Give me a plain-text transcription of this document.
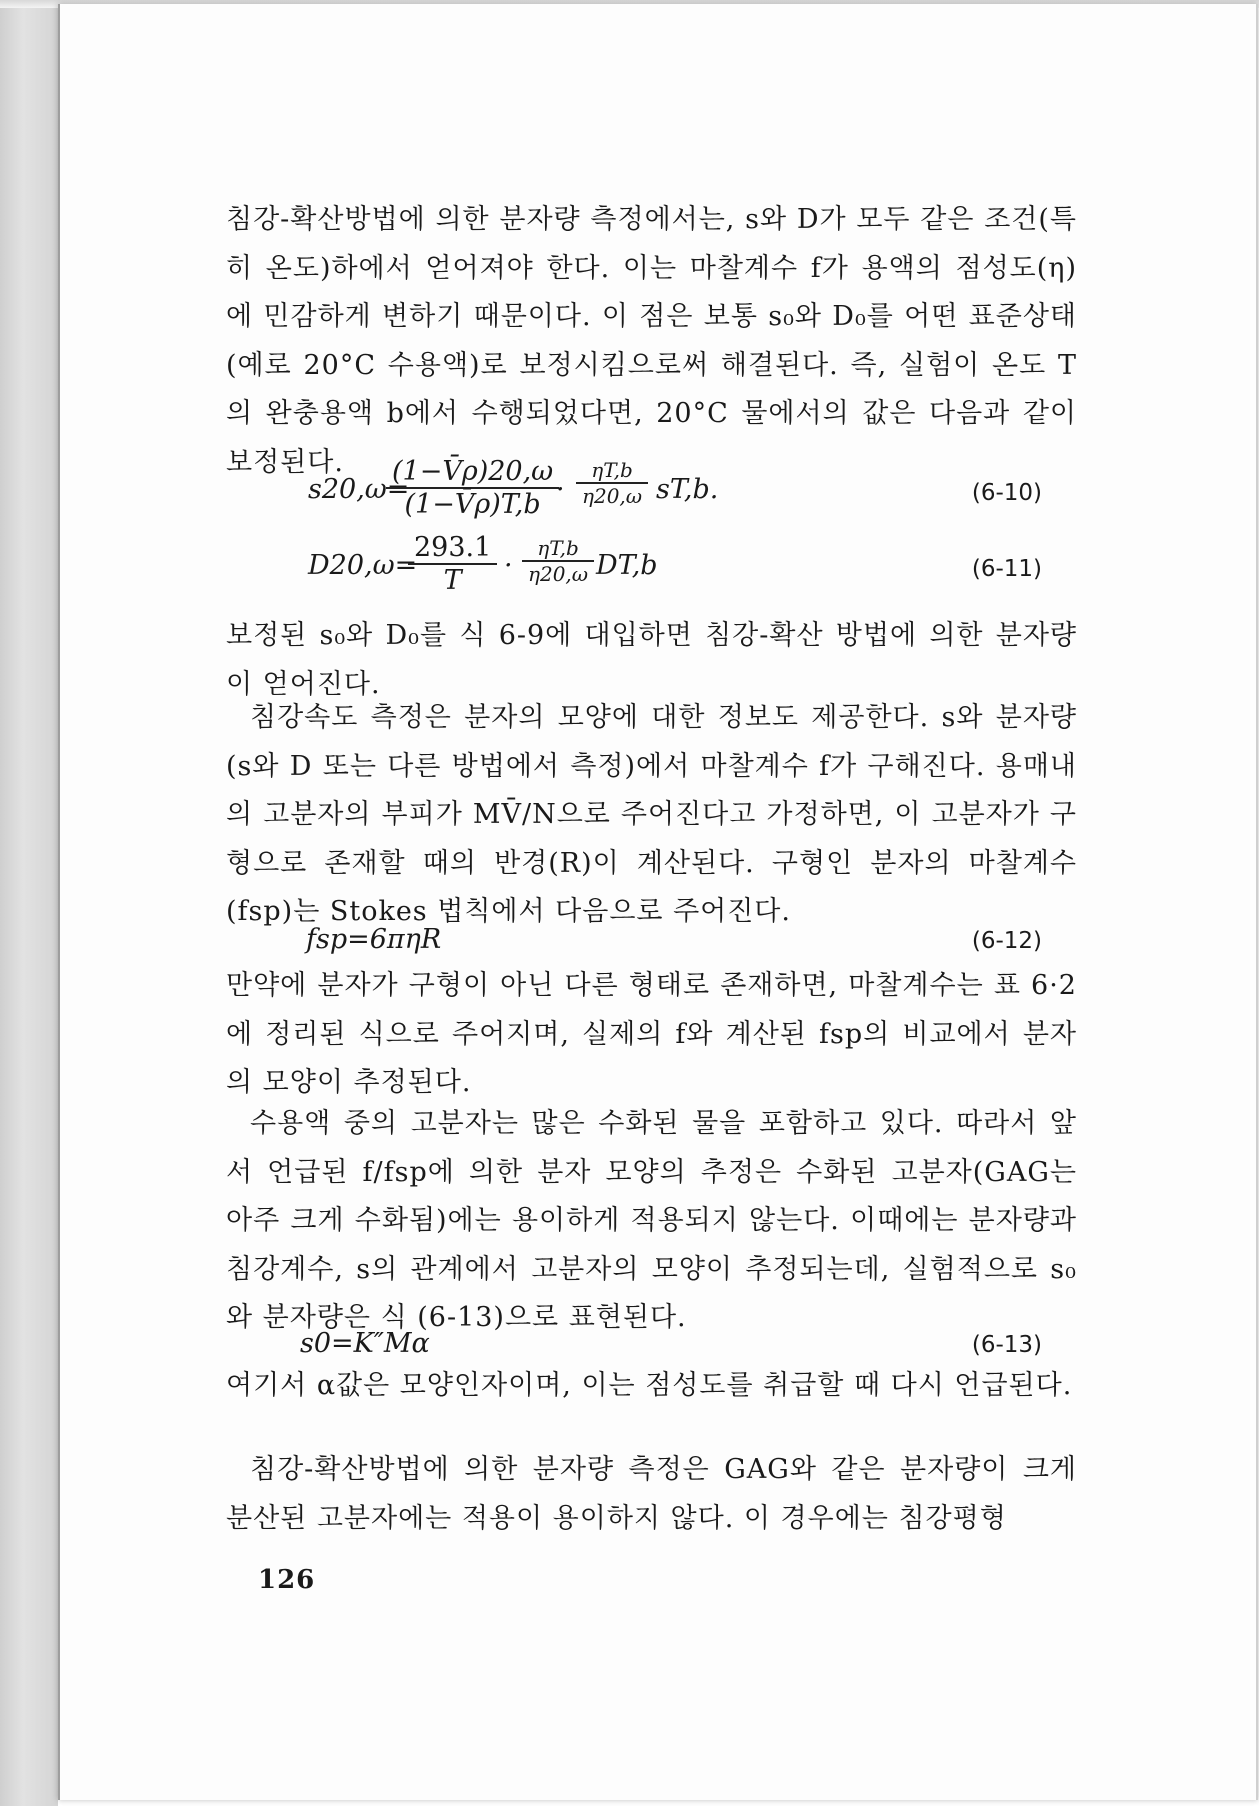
침강-확산방법에 의한 분자량 측정에서는, s와 D가 모두 같은 조건(특히 온도)하에서 얻어져야 한다. 이는 마찰계수 f가 용액의 점성도(η)에 민감하게 변하기 때문이다. 이 점은 보통 s₀와 D₀를 어떤 표준상태(예로 20°C 수용액)로 보정시킴으로써 해결된다. 즉, 실험이 온도 T의 완충용액 b에서 수행되었다면, 20°C 물에서의 값은 다음과 같이 보정된다.
s20,ω=
$\frac{(1-V̄\rho)20,\omega}{(1-V̄\rho)T,b}$
· $\frac{\eta T,b}{\eta 20,\omega} sT,b$.	(6-10)
D20,ω=
$\frac{293.1}{T} \cdot \frac{\eta T,b}{\eta 20,\omega} DT,b$	(6-11)
보정된 s₀와 D₀를 식 6-9에 대입하면 침강-확산 방법에 의한 분자량이 얻어진다.
침강속도 측정은 분자의 모양에 대한 정보도 제공한다. s와 분자량(s와 D 또는 다른 방법에서 측정)에서 마찰계수 f가 구해진다. 용매내의 고분자의 부피가 MV̄/N으로 주어진다고 가정하면, 이 고분자가 구형으로 존재할 때의 반경(R)이 계산된다. 구형인 분자의 마찰계수(fsp)는 Stokes 법칙에서 다음으로 주어진다.
fsp=6πηR	(6-12)
만약에 분자가 구형이 아닌 다른 형태로 존재하면, 마찰계수는 표 6·2에 정리된 식으로 주어지며, 실제의 f와 계산된 fsp의 비교에서 분자의 모양이 추정된다.
수용액 중의 고분자는 많은 수화된 물을 포함하고 있다. 따라서 앞서 언급된 f/fsp에 의한 분자 모양의 추정은 수화된 고분자(GAG는 아주 크게 수화됨)에는 용이하게 적용되지 않는다. 이때에는 분자량과 침강계수, s의 관계에서 고분자의 모양이 추정되는데, 실험적으로 s₀와 분자량은 식 (6-13)으로 표현된다.
s0=K″Mα	(6-13)
여기서 α값은 모양인자이며, 이는 점성도를 취급할 때 다시 언급된다.
침강-확산방법에 의한 분자량 측정은 GAG와 같은 분자량이 크게 분산된 고분자에는 적용이 용이하지 않다. 이 경우에는 침강평형
126
